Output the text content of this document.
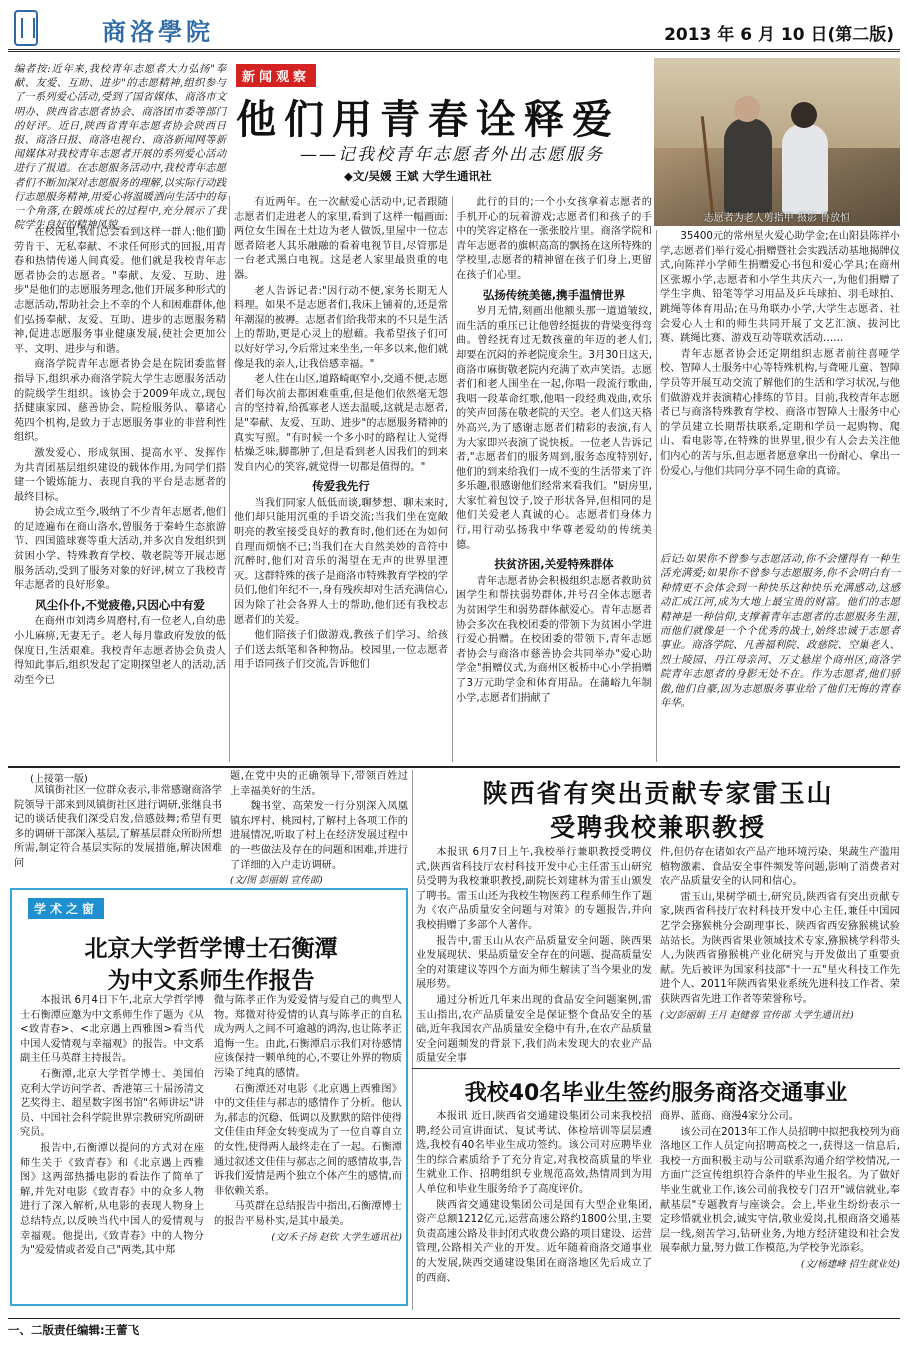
商洛學院	2013 年 6 月 10 日(第二版)
编者按:近年来,我校青年志愿者大力弘扬"奉献、友爱、互助、进步"的志愿精神,组织参与了一系列爱心活动,受到了国省媒体、商洛市文明办、陕西省志愿者协会、商洛团市委等部门的好评。近日,陕西省青年志愿者协会陕西日报、商洛日报、商洛电视台、商洛新闻网等新闻媒体对我校青年志愿者开展的系列爱心活动进行了报道。在志愿服务活动中,我校青年志愿者们不断加深对志愿服务的理解,以实际行动践行志愿服务精神,用爱心将温暖洒向生活中的每一个角落,在锻炼成长的过程中,充分展示了我院学生良好的精神风貌。
新闻观察
他们用青春诠释爱
——记我校青年志愿者外出志愿服务
◆文/吴媛 王斌 大学生通讯社
志愿者为老人剪指甲 摄影 鲁放恒

在校园里,我们总会看到这样一群人:他们勤劳肯干、无私奉献、不求任何形式的回报,用青春和热情传递人间真爱。他们就是我校青年志愿者协会的志愿者。"奉献、友爱、互助、进步"是他们的志愿服务理念,他们开展多种形式的志愿活动,帮助社会上不幸的个人和困难群体,他们弘扬奉献、友爱、互助、进步的志愿服务精神,促进志愿服务事业健康发展,使社会更加公平、文明、进步与和谐。

商洛学院青年志愿者协会是在院团委监督指导下,组织承办商洛学院大学生志愿服务活动的院级学生组织。该协会于2009年成立,现包括健康家园、慈善协会、院检服务队、摹诸心苑四个机构,是致力于志愿服务事业的非营利性组织。

激发爱心、形成氛围、提高水平、发挥作为共青团基层组织建设的载体作用,为同学们搭建一个锻炼能力、表现自我的平台是志愿者的最终目标。

协会成立至今,吸纳了不少青年志愿者,他们的足迹遍布在商山洛水,曾服务于秦岭生态旅游节、四国篮球赛等重大活动,并多次自发组织到贫困小学、特殊教育学校、敬老院等开展志愿服务活动,受到了服务对象的好评,树立了我校青年志愿者的良好形象。

风尘仆仆,不觉疲倦,只因心中有爱

在商州市刘湾乡周磨村,有一位老人,自幼患小儿麻痹,无妻无子。老人每月靠政府发放的低保度日,生活艰难。我校青年志愿者协会负责人得知此事后,组织发起了定期探望老人的活动,活动至今已

有近两年。在一次献爱心活动中,记者跟随志愿者们走进老人的家里,看到了这样一幅画面:两位女生围在土灶边为老人做饭,里屋中一位志愿者陪老人其乐融融的看着电视节目,尽管那是一台老式黑白电视。这是老人家里最贵重的电器。

老人告诉记者:"因行动不便,家务长期无人料理。如果不是志愿者们,我床上铺着的,还是常年潮湿的被褥。志愿者们给我带来的不只是生活上的帮助,更是心灵上的慰藉。我希望孩子们可以好好学习,今后常过来坐坐,一年多以来,他们就像是我的亲人,让我倍感幸福。"

老人住在山区,道路崎岖窄小,交通不便,志愿者们每次前去都困难重重,但是他们依然毫无怨言的坚持着,给孤寡老人送去温暖,这就是志愿者,是"奉献、友爱、互助、进步"的志愿服务精神的真实写照。"有时候一个多小时的路程让人觉得枯燥乏味,脚都肿了,但是看到老人因我们的到来发自内心的笑容,就觉得一切都是值得的。"

传爱我先行

当我们同家人低低而谈,聊梦想、聊未来时,他们却只能用沉重的手语交流;当我们坐在宽敞明亮的教室接受良好的教育时,他们还在为如何自理而烦恼不已;当我们在大自然美妙的音符中沉醉时,他们对音乐的渴望在无声的世界里湮灭。这群特殊的孩子是商洛市特殊教育学校的学员们,他们年纪不一,身有残疾却对生活充满信心,因为除了社会各界人士的帮助,他们还有我校志愿者们的关爱。

他们陪孩子们做游戏,教孩子们学习、给孩子们送去纸笔和各种物品。校园里,一位志愿者用手语同孩子们交流,告诉他们

此行的目的;一个小女孩拿着志愿者的手机开心的玩着游戏;志愿者们和孩子的手中的笑容定格在一张张胶片里。商洛学院和青年志愿者的旗帜高高的飘扬在这所特殊的学校里,志愿者的精神留在孩子们身上,更留在孩子们心里。

弘扬传统美德,携手温情世界

岁月无情,刻画出他额头那一道道皱纹,而生活的重压已让他曾经挺拔的背梁变得弯曲。曾经抚育过无数孩童的年迈的老人们,却要在沉闷的养老院度余生。3月30日这天,商洛市麻街敬老院内充满了欢声笑语。志愿者们和老人围坐在一起,你唱一段流行歌曲,我唱一段革命红歌,他唱一段经典戏曲,欢乐的笑声回荡在敬老院的天空。老人们这天格外高兴,为了感谢志愿者们精彩的表演,有人为大家即兴表演了说快板。一位老人告诉记者,"志愿者们的服务周到,服务态度特别好,他们的到来给我们一成不变的生活带来了许多乐趣,很感谢他们经常来看我们。"厨房里,大家忙着包饺子,饺子形状各异,但相同的是他们关爱老人真诚的心。志愿者们身体力行,用行动弘扬我中华尊老爱幼的传统美德。

扶贫济困,关爱特殊群体

青年志愿者协会积极组织志愿者救助贫困学生和帮扶弱势群体,并号召全体志愿者为贫困学生和弱势群体献爱心。青年志愿者协会多次在我校团委的带领下为贫困小学进行爱心捐赠。在校团委的带领下,青年志愿者协会与商洛市慈善协会共同举办"爱心助学金"捐赠仪式,为商州区板桥中心小学捐赠了3万元助学金和体育用品。在蒲峪九年制小学,志愿者们捐献了

35400元的常州星火爱心助学金;在山阳县陈祥小学,志愿者们举行爱心捐赠暨社会实践活动基地揭牌仪式,向陈祥小学师生捐赠爱心书包和爱心学具;在商州区张塬小学,志愿者和小学生共庆六一,为他们捐赠了学生字典、铅笔等学习用品及乒乓球拍、羽毛球拍、跳绳等体育用品;在马角联办小学,大学生志愿者、社会爱心人士和的师生共同开展了文艺汇演、拔河比赛、跳绳比赛、游戏互动等联欢活动……

青年志愿者协会还定期组织志愿者前往喜哑学校、智障人士服务中心等特殊机构,与聋哑儿童、智障学员等开展互动交流了解他们的生活和学习状况,与他们做游戏并表演精心排练的节目。目前,我校青年志愿者已与商洛特殊教育学校、商洛市智障人士服务中心的学员建立长期帮扶联系,定期和学员一起购物、爬山、看电影等,在特殊的世界里,很少有人会去关注他们内心的苦与乐,但志愿者愿意拿出一份耐心、拿出一份爱心,与他们共同分享不同生命的真谛。

后记:如果你不曾参与志愿活动,你不会懂得有一种生活充满爱;如果你不曾参与志愿服务,你不会明白有一种情更不会体会到一种快乐这种快乐充满感动,这感动汇成江河,成为大地上最宝贵的财富。他们的志愿精神是一种信仰,支撑着青年志愿者的志愿服务生涯,而他们就像是一个个优秀的战士,始终忠诚于志愿者事业。商洛学院、凡善福利院、政慈院、空巢老人、烈士陵园、丹江母亲河、万丈悬崖个商州区,商洛学院青年志愿者的身影无处不在。作为志愿者,他们骄傲,他们自豪,因为志愿服务事业给了他们无悔的青春年华。
(上接第一版)

凤镇街社区一位群众表示,非常感谢商洛学院领导干部来到凤镇街社区进行调研,张继良书记的谈话使我们深受启发,倍感鼓舞;希望有更多的调研干部深入基层,了解基层群众所盼所想所需,制定符合基层实际的发展措施,解决困难问

题,在党中央的正确领导下,带领百姓过上幸福美好的生活。

魏书堂、高荣发一行分别深入凤凰镇东坪村、桃园村,了解村上各项工作的进展情况,听取了村上在经济发展过程中的一些做法及存在的问题和困难,并进行了详细的入户走访调研。

(文/图 彭丽娟 宣传部)

学术之窗
北京大学哲学博士石衡潭
为中文系师生作报告

本报讯 6月4日下午,北京大学哲学博士石衡潭应邀为中文系师生作了题为《从<致青春>、<北京遇上西雅图>看当代中国人爱情观与幸福观》的报告。中文系副主任马英群主持报告。

石衡潭,北京大学哲学博士、美国伯克利大学访问学者、香港第三十届汤清文艺奖得主、超星数字图书馆"名师讲坛"讲员、中国社会科学院世界宗教研究所副研究员。

报告中,石衡潭以提问的方式对在座师生关于《致青春》和《北京遇上西雅图》这两部热播电影的看法作了简单了解,并先对电影《致青春》中的众多人物进行了深入解析,从电影的表现人物身上总结特点,以反映当代中国人的爱情观与幸福观。他提出,《致青春》中的人物分为"爱爱情或者爱自己"两类,其中郑

微与陈孝正作为爱爱情与爱自己的典型人物。郑微对待爱情的认真与陈孝正的自私成为两人之间不可逾越的鸿沟,也让陈孝正追悔一生。由此,石衡潭启示我们对待感情应该保持一颗单纯的心,不要让外界的物质污染了纯真的感情。

石衡潭还对电影《北京遇上西雅图》中的文佳佳与郝志的感情作了分析。他认为,郝志的沉稳、低调以及默默的陪伴使得文佳佳由拜金女转变成为了一位自尊自立的女性,使得两人最终走在了一起。石衡潭通过叙述文佳佳与郝志之间的感情故事,告诉我们爱情是两个独立个体产生的感情,而非依赖关系。

马英群在总结报告中指出,石衡潭博士的报告平易朴实,是其中最美。

(文/禾子扬 赵钦 大学生通讯社)

陕西省有突出贡献专家雷玉山
受聘我校兼职教授

本报讯 6月7日上午,我校举行兼职教授受聘仪式,陕西省科技厅农村科技开发中心主任雷玉山研究员受聘为我校兼职教授,副院长刘建林为雷玉山颁发了聘书。雷玉山还为我校生物医药工程系师生作了题为《农产品质量安全问题与对策》的专题报告,并向我校捐赠了多部个人著作。

报告中,雷玉山从农产品质量安全问题、陕西果业发展现状、果品质量安全存在的问题、提高质量安全的对策建议等四个方面为师生解读了当今果业的发展形势。

通过分析近几年来出现的食品安全问题案例,雷玉山指出,农产品质量安全是保证整个食品安全的基础,近年我国农产品质量安全稳中有升,在农产品质量安全问题频发的背景下,我们尚未发现大的农业产品质量安全事

件,但仍存在诸如农产品产地环境污染、果蔬生产滥用植物激素、食品安全事件频发等问题,影响了消费者对农产品质量安全的认同和信心。

雷玉山,果树学硕士,研究员,陕西省有突出贡献专家,陕西省科技厅农村科技开发中心主任,兼任中国园艺学会猕猴桃分会副理事长、陕西省西安猕猴桃试验站站长。为陕西省果业领域技术专家,猕猴桃学科带头人,为陕西省猕猴桃产业化研究与开发做出了重要贡献。先后被评为国家科技部"十一五"星火科技工作先进个人、2011年陕西省果业系统先进科技工作者、荣获陕西省先进工作者等荣誉称号。

(文/彭丽娟 王月 赵健蓉 宣传部 大学生通讯社)

我校40名毕业生签约服务商洛交通事业

本报讯 近日,陕西省交通建设集团公司来我校招聘,经公司宣讲面试、复试考试、体检培训等层层遴选,我校有40名毕业生成功签约。该公司对应聘毕业生的综合素质给予了充分肯定,对我校高质量的毕业生就业工作、招聘组织专业规范高效,热情周到为用人单位和毕业生服务给予了高度评价。

陕西省交通建设集团公司是国有大型企业集团,资产总额1212亿元,运营高速公路约1800公里,主要负责高速公路及非封闭式收费公路的项目建设、运营管理,公路相关产业的开发。近年随着商洛交通事业的大发展,陕西交通建设集团在商洛地区先后成立了的西商、

商界、蓝商、商漫4家分公司。

该公司在2013年工作人员招聘中拟把我校列为商洛地区工作人员定向招聘高校之一,获得这一信息后,我校一方面积极主动与公司联系沟通介绍学校情况,一方面广泛宣传组织符合条件的毕业生报名。为了做好毕业生就业工作,该公司前我校专门召开"诚信就业,奉献基层"专题教育与座谈会。会上,毕业生纷纷表示一定珍惜就业机会,诚实守信,敬业爱岗,扎根商洛交通基层一线,刻苦学习,钻研业务,为地方经济建设和社会发展奉献力量,努力做工作模范,为学校争光添彩。

(文/杨建峰 招生就业处)

一、二版责任编辑:王蕾飞
